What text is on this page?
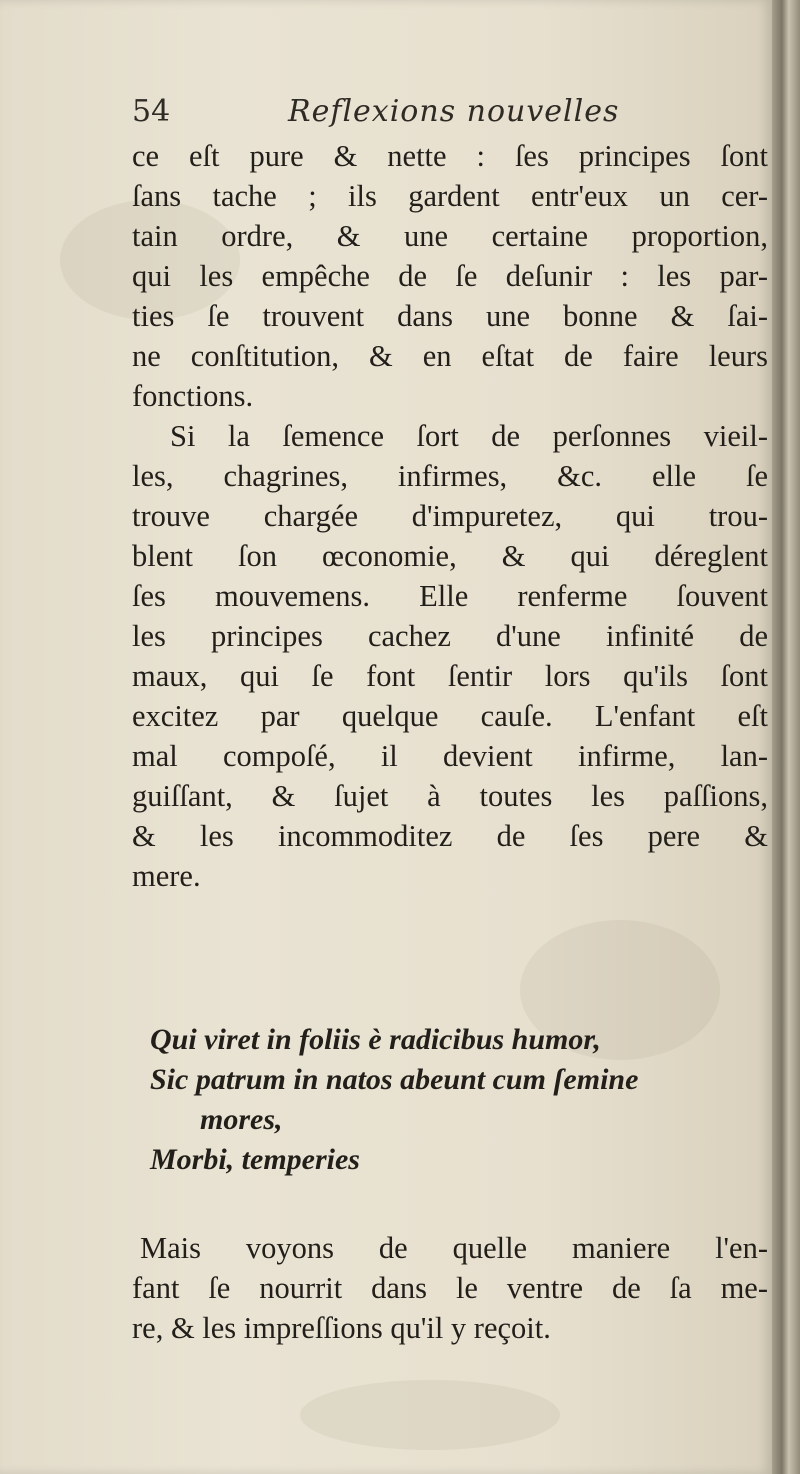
54	Reflexions nouvelles
ce eſt pure & nette : ſes principes ſont
ſans tache ; ils gardent entr'eux un cer-
tain ordre, & une certaine proportion,
qui les empêche de ſe deſunir : les par-
ties ſe trouvent dans une bonne & ſai-
ne conſtitution, & en eſtat de faire leurs
fonctions.
Si la ſemence ſort de perſonnes vieil-
les, chagrines, infirmes, &c. elle ſe
trouve chargée d'impuretez, qui trou-
blent ſon œconomie, & qui déreglent
ſes mouvemens. Elle renferme ſouvent
les principes cachez d'une infinité de
maux, qui ſe font ſentir lors qu'ils ſont
excitez par quelque cauſe. L'enfant eſt
mal compoſé, il devient infirme, lan-
guiſſant, & ſujet à toutes les paſſions,
& les incommoditez de ſes pere &
mere.
Qui viret in foliis è radicibus humor,
Sic patrum in natos abeunt cum ſemine
mores,
Morbi, temperies
Mais voyons de quelle maniere l'en-
fant ſe nourrit dans le ventre de ſa me-
re, & les impreſſions qu'il y reçoit.
